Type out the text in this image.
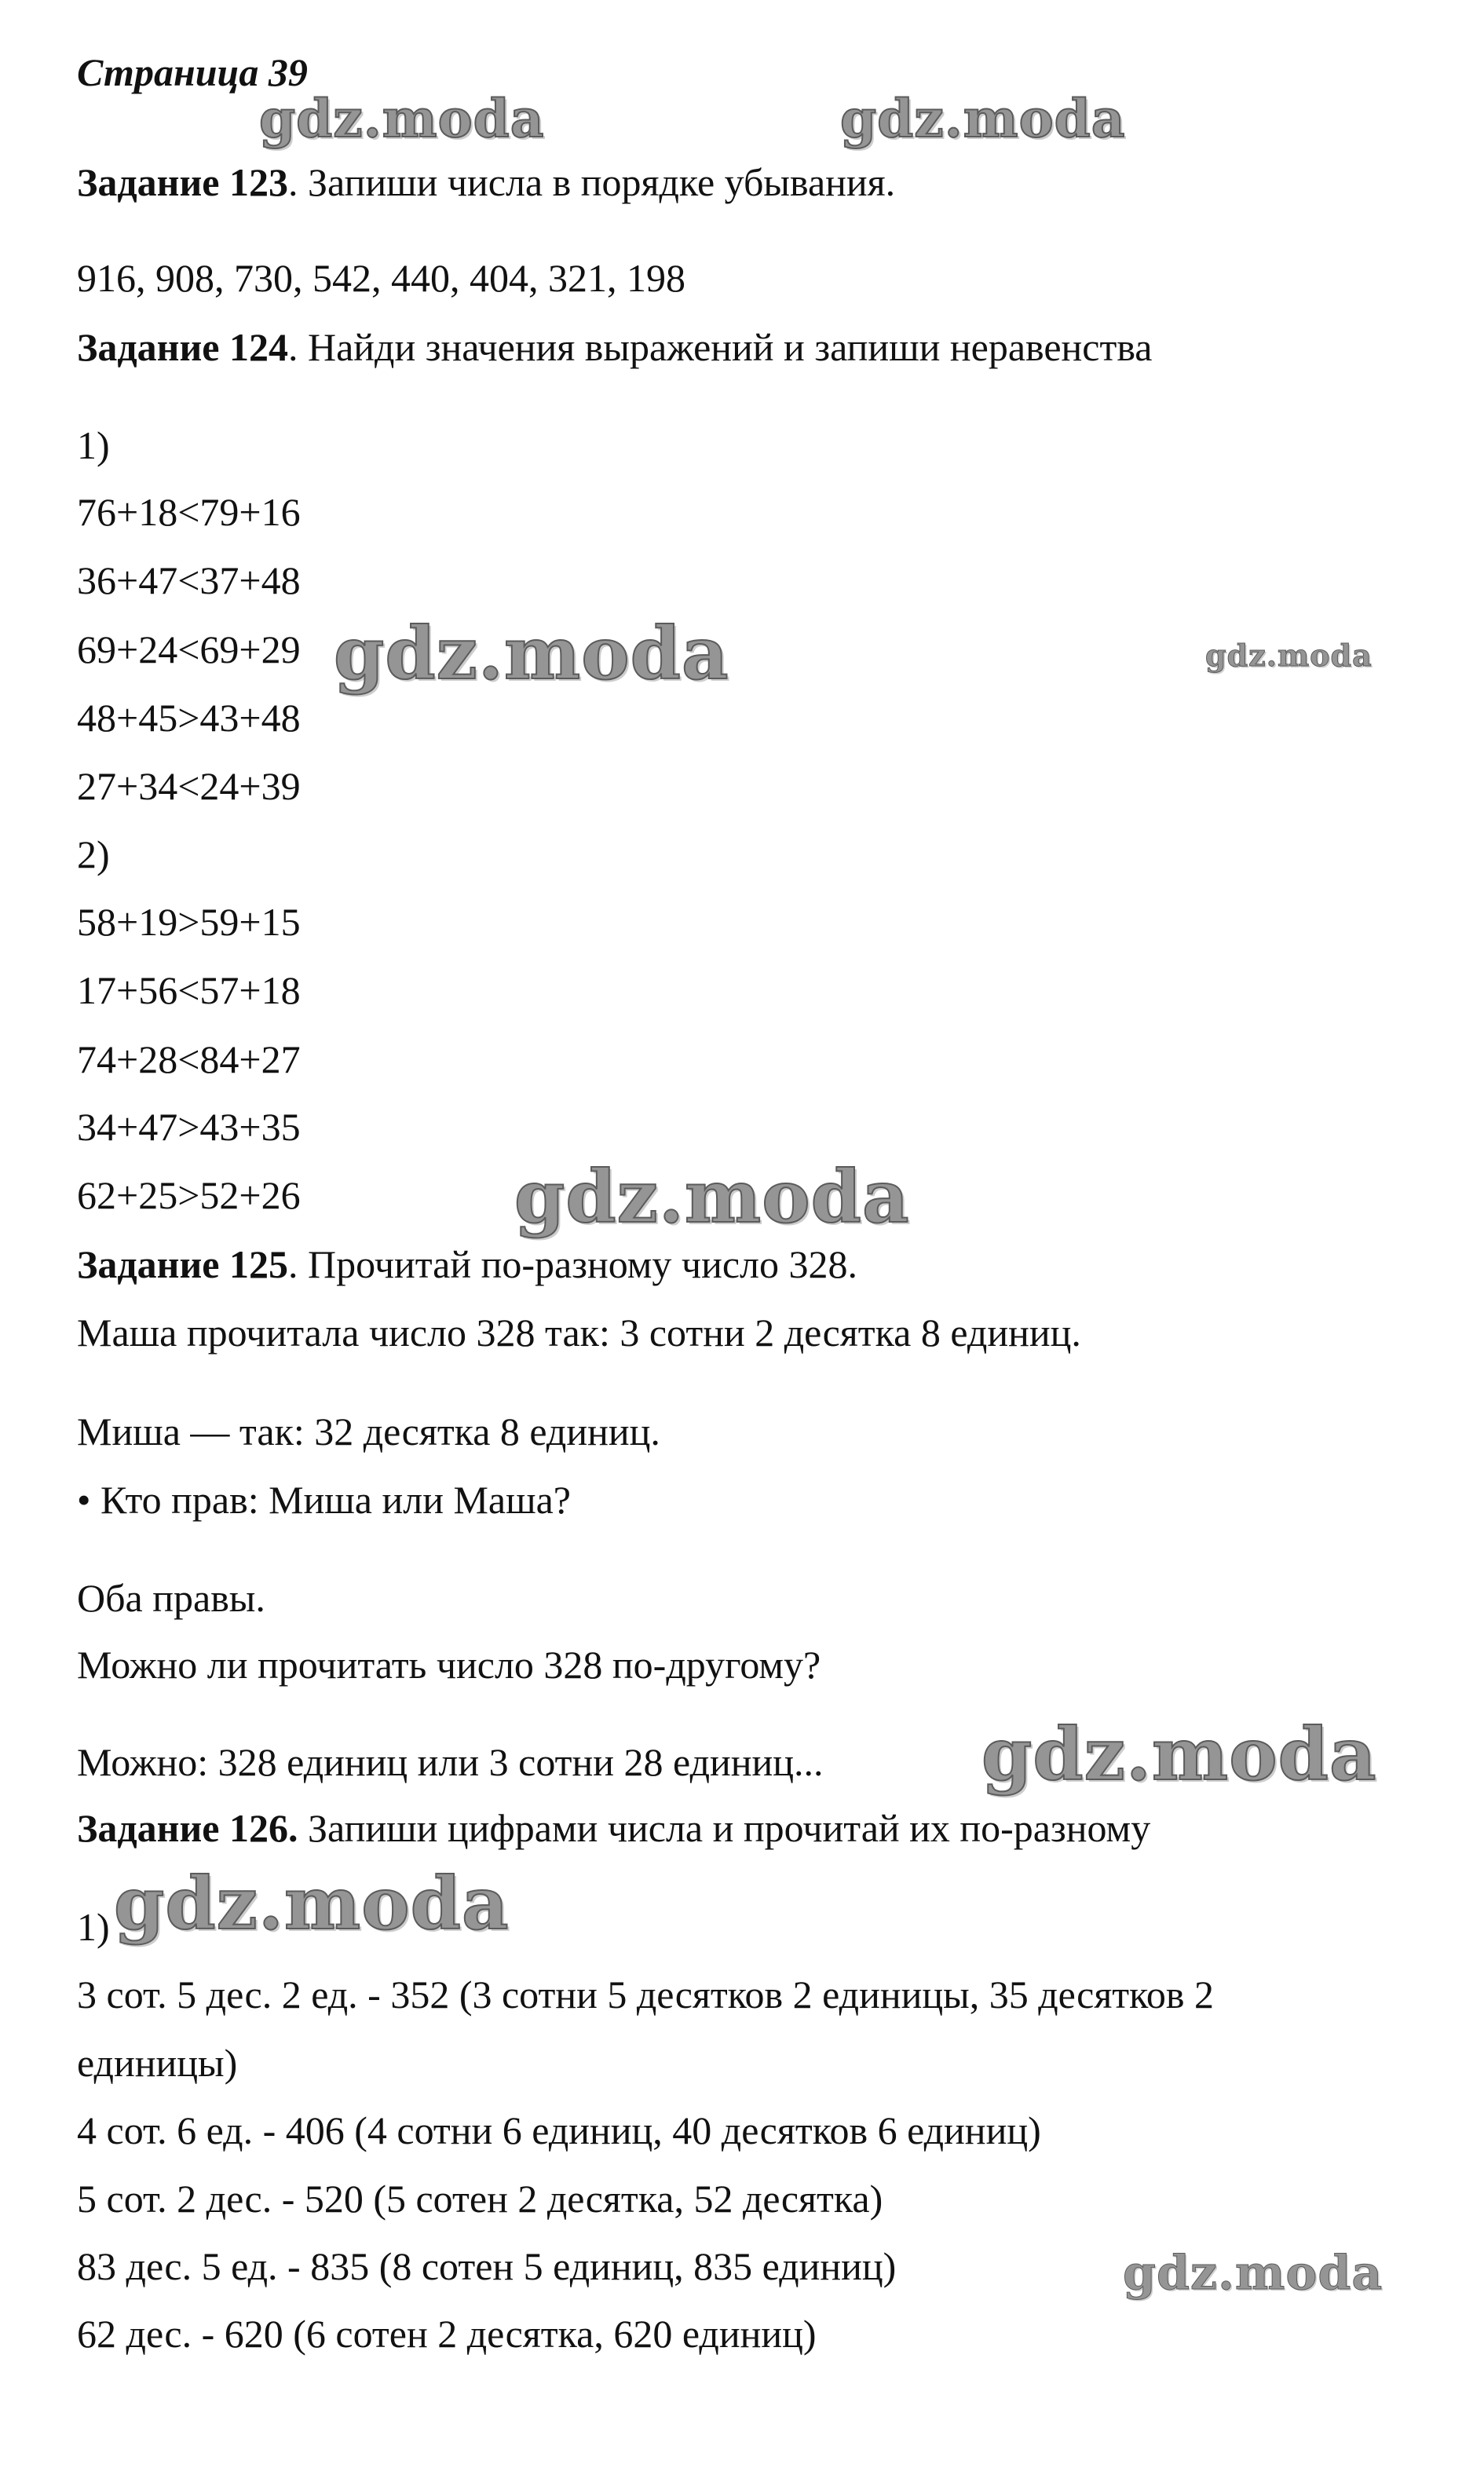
Страница 39
Задание 123. Запиши числа в порядке убывания.
916, 908, 730, 542, 440, 404, 321, 198
Задание 124. Найди значения выражений и запиши неравенства
1)
76+18<79+16
36+47<37+48
69+24<69+29
48+45>43+48
27+34<24+39
2)
58+19>59+15
17+56<57+18
74+28<84+27
34+47>43+35
62+25>52+26
Задание 125. Прочитай по-разному число 328.
Маша прочитала число 328 так: 3 сотни 2 десятка 8 единиц.
Миша — так: 32 десятка 8 единиц.
• Кто прав: Миша или Маша?
Оба правы.
Можно ли прочитать число 328 по-другому?
Можно: 328 единиц или 3 сотни 28 единиц...
Задание 126. Запиши цифрами числа и прочитай их по-разному
1)
3 сот. 5 дес. 2 ед. - 352 (3 сотни 5 десятков 2 единицы, 35 десятков 2
единицы)
4 сот. 6 ед. - 406 (4 сотни 6 единиц, 40 десятков 6 единиц)
5 сот. 2 дес. - 520 (5 сотен 2 десятка, 52 десятка)
83 дес. 5 ед. - 835 (8 сотен 5 единиц, 835 единиц)
62 дес. - 620 (6 сотен 2 десятка, 620 единиц)
gdz.moda	gdz.moda
gdz.moda	gdz.moda
gdz.moda
gdz.moda
gdz.moda
gdz.moda
